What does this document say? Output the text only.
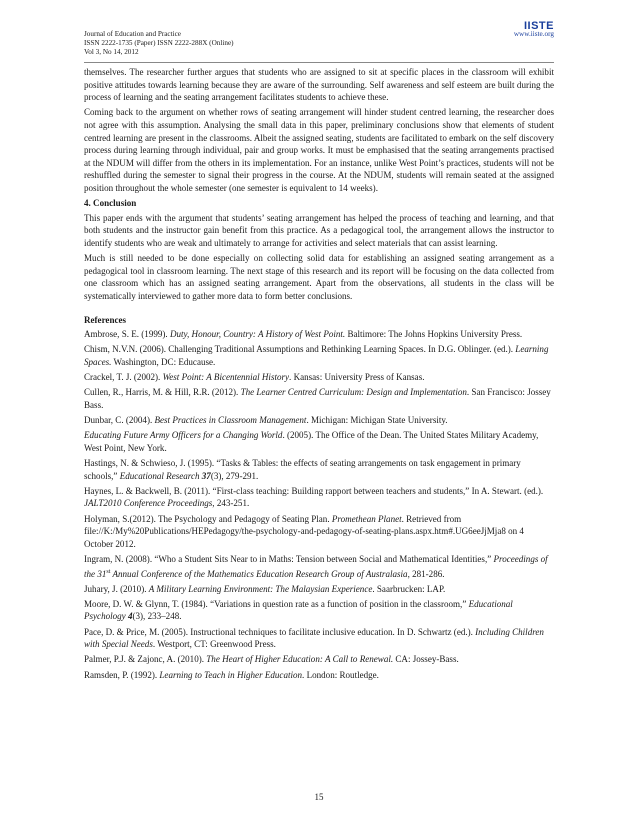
Journal of Education and Practice
ISSN 2222-1735 (Paper) ISSN 2222-288X (Online)
Vol 3, No 14, 2012
www.iiste.org
IISTE

themselves. The researcher further argues that students who are assigned to sit at specific places in the classroom will exhibit positive attitudes towards learning because they are aware of the surrounding. Self awareness and self esteem are built during the process of learning and the seating arrangement facilitates students to achieve these.

Coming back to the argument on whether rows of seating arrangement will hinder student centred learning, the researcher does not agree with this assumption. Analysing the small data in this paper, preliminary conclusions show that elements of student centred learning are present in the classrooms. Albeit the assigned seating, students are facilitated to embark on the self discovery process during learning through individual, pair and group works. It must be emphasised that the seating arrangements practised at the NDUM will differ from the others in its implementation. For an instance, unlike West Point’s practices, students will not be reshuffled during the semester to signal their progress in the course. At the NDUM, students will remain seated at the assigned position throughout the whole semester (one semester is equivalent to 14 weeks).

4. Conclusion

This paper ends with the argument that students’ seating arrangement has helped the process of teaching and learning, and that both students and the instructor gain benefit from this practice. As a pedagogical tool, the arrangement allows the instructor to identify students who are weak and ultimately to arrange for activities and select materials that can assist learning.

Much is still needed to be done especially on collecting solid data for establishing an assigned seating arrangement as a pedagogical tool in classroom learning. The next stage of this research and its report will be focusing on the data collected from one classroom which has an assigned seating arrangement. Apart from the observations, all students in the class will be systematically interviewed to gather more data to form better conclusions.

References

Ambrose, S. E. (1999). Duty, Honour, Country: A History of West Point. Baltimore: The Johns Hopkins University Press.

Chism, N.V.N. (2006). Challenging Traditional Assumptions and Rethinking Learning Spaces. In D.G. Oblinger. (ed.). Learning Spaces. Washington, DC: Educause.

Crackel, T. J. (2002). West Point: A Bicentennial History. Kansas: University Press of Kansas.

Cullen, R., Harris, M. & Hill, R.R. (2012). The Learner Centred Curriculum: Design and Implementation. San Francisco: Jossey Bass.

Dunbar, C. (2004). Best Practices in Classroom Management. Michigan: Michigan State University.

Educating Future Army Officers for a Changing World. (2005). The Office of the Dean. The United States Military Academy, West Point, New York.

Hastings, N. & Schwieso, J. (1995). “Tasks & Tables: the effects of seating arrangements on task engagement in primary schools,” Educational Research 37(3), 279-291.

Haynes, L. & Backwell, B. (2011). “First-class teaching: Building rapport between teachers and students,” In A. Stewart. (ed.). JALT2010 Conference Proceedings, 243-251.

Holyman, S.(2012). The Psychology and Pedagogy of Seating Plan. Promethean Planet. Retrieved from file://K:/My%20Publications/HEPedagogy/the-psychology-and-pedagogy-of-seating-plans.aspx.htm#.UG6eeJjMja8 on 4 October 2012.

Ingram, N. (2008). “Who a Student Sits Near to in Maths: Tension between Social and Mathematical Identities,” Proceedings of the 31st Annual Conference of the Mathematics Education Research Group of Australasia, 281-286.

Juhary, J. (2010). A Military Learning Environment: The Malaysian Experience. Saarbrucken: LAP.

Moore, D. W. & Glynn, T. (1984). “Variations in question rate as a function of position in the classroom,” Educational Psychology 4(3), 233–248.

Pace, D. & Price, M. (2005). Instructional techniques to facilitate inclusive education. In D. Schwartz (ed.). Including Children with Special Needs. Westport, CT: Greenwood Press.

Palmer, P.J. & Zajonc, A. (2010). The Heart of Higher Education: A Call to Renewal. CA: Jossey-Bass.

Ramsden, P. (1992). Learning to Teach in Higher Education. London: Routledge.

15
